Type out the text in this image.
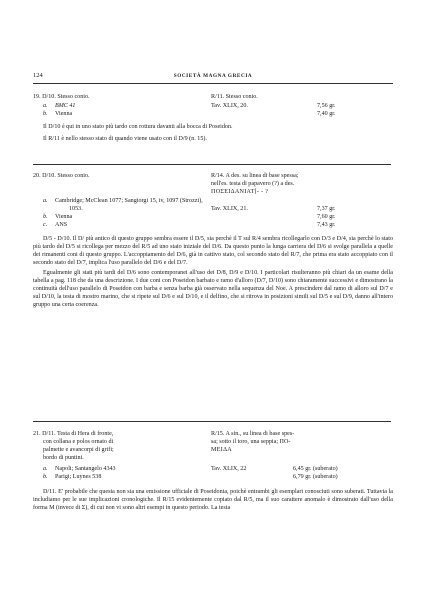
124	SOCIETÀ MAGNA GRECIA
19. D/10. Stesso conio.	R/11. Stesso conio.
a. BMC 41	Tav. XLIX, 20.	7,56 gr.
b. Vienna	7,40 gr.

Il D/10 è qui in uno stato più tardo con rottura davanti alla bocca di Poseidon.

Il R/11 è nello stesso stato di quando viene usato con il D/9 (n. 15).

20. D/10. Stesso conio.	R/14. A des. su linea di base spessa;
nell'es. testa di papavero (?) a des.
ΠΟΣΕΙΔΑΝΙΑΤ[- - ?
a. Cambridge; McClean 1077; Sangiorgi 15, iv, 1097 (Strozzi),
1053.	Tav. XLIX, 21.	7,37 gr.
b. Vienna	7,60 gr.
c. ANS	7,43 gr.

D/5 - D/10. Il D/ più antico di questo gruppo sembra essere il D/5, sia perchè il T sul R/4 sembra ricollegarlo con D/3 e D/4, sia perchè lo stato più tardo del D/5 si ricollega per mezzo del R/5 ad uno stato iniziale del D/6. Da questo punto la lunga carriera del D/6 si svolge parallela a quelle dei rimanenti coni di questo gruppo. L'accoppiamento del D/6, già in cattivo stato, col secondo stato del R/7, che prima era stato accoppiato con il secondo stato del D/7, implica l'uso parallelo del D/6 e del D/7.

Egualmente gli stati più tardi del D/6 sono contemporanei all'uso dei D/8, D/9 e D/10. I particolari risulteranno più chiari da un esame della tabella a pag. 118 che da una descrizione. I due coni con Poseidon barbato e ramo d'alloro (D/7, D/10) sono chiaramente successivi e dimostrano la continuità dell'uso parallelo di Poseidon con barba e senza barba già osservato nella sequenza del Noe. A prescindere dal ramo di alloro sul D/7 e sul D/10, la testa di mostro marino, che si ripete sul D/6 e sul D/10, e il delfino, che si ritrova in posizioni simili sul D/5 e sul D/9, danno all'intero gruppo una certa coerenza.

21. D/11. Testa di Hera di fronte,	R/15. A sin., su linea di base spes-
con collana e polos ornato di	sa; sotto il toro, una seppia; ΠΟ-
palmette e avancorpi di grifi;	ΜΕΙΔΑ
bordo di puntini.
a. Napoli; Santangelo 4343	Tav. XLIX, 22	6,45 gr. (suberato)
b. Parigi; Luynes 538	6,79 gr. (suberato)

D/11. E' probabile che questa non sia una emissione ufficiale di Poseidonia, poichè entrambi gli esemplari conosciuti sono suberati. Tuttavia la includiamo per le sue implicazioni cronologiche. Il R/15 evidentemente copiato dal R/5, ma il suo carattere anomalo è dimostrato dall'uso della forma M (invece di Σ), di cui non vi sono altri esempi in questo periodo. La testa
